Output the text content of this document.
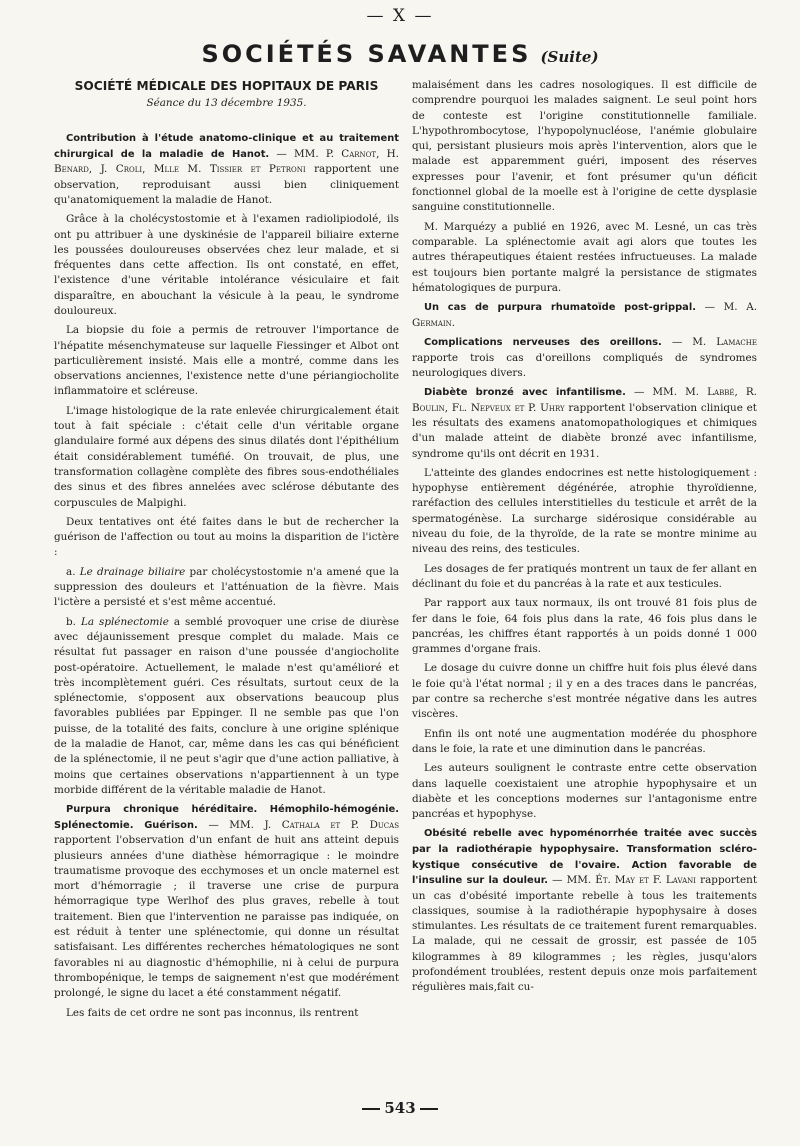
— X —
SOCIÉTÉS SAVANTES (Suite)
SOCIÉTÉ MÉDICALE DES HOPITAUX DE PARIS
Séance du 13 décembre 1935.

Contribution à l'étude anatomo-clinique et au traitement chirurgical de la maladie de Hanot. — MM. P. Carnot, H. Benard, J. Croli, Mlle M. Tissier et Petroni rapportent une observation, reproduisant aussi bien cliniquement qu'anatomiquement la maladie de Hanot.

Grâce à la cholécystostomie et à l'examen radiolipiodolé, ils ont pu attribuer à une dyskinésie de l'appareil biliaire externe les poussées douloureuses observées chez leur malade, et si fréquentes dans cette affection. Ils ont constaté, en effet, l'existence d'une véritable intolérance vésiculaire et fait disparaître, en abouchant la vésicule à la peau, le syndrome douloureux.

La biopsie du foie a permis de retrouver l'importance de l'hépatite mésenchymateuse sur laquelle Fiessinger et Albot ont particulièrement insisté. Mais elle a montré, comme dans les observations anciennes, l'existence nette d'une périangiocholite inflammatoire et scléreuse.

L'image histologique de la rate enlevée chirurgicalement était tout à fait spéciale : c'était celle d'un véritable organe glandulaire formé aux dépens des sinus dilatés dont l'épithélium était considérablement tuméfié. On trouvait, de plus, une transformation collagène complète des fibres sous-endothéliales des sinus et des fibres annelées avec sclérose débutante des corpuscules de Malpighi.

Deux tentatives ont été faites dans le but de rechercher la guérison de l'affection ou tout au moins la disparition de l'ictère :

a. Le drainage biliaire par cholécystostomie n'a amené que la suppression des douleurs et l'atténuation de la fièvre. Mais l'ictère a persisté et s'est même accentué.

b. La splénectomie a semblé provoquer une crise de diurèse avec déjaunissement presque complet du malade. Mais ce résultat fut passager en raison d'une poussée d'angiocholite post-opératoire. Actuellement, le malade n'est qu'amélioré et très incomplètement guéri. Ces résultats, surtout ceux de la splénectomie, s'opposent aux observations beaucoup plus favorables publiées par Eppinger. Il ne semble pas que l'on puisse, de la totalité des faits, conclure à une origine splénique de la maladie de Hanot, car, même dans les cas qui bénéficient de la splénectomie, il ne peut s'agir que d'une action palliative, à moins que certaines observations n'appartiennent à un type morbide différent de la véritable maladie de Hanot.

Purpura chronique héréditaire. Hémophilo-hémogénie. Splénectomie. Guérison. — MM. J. Cathala et P. Ducas rapportent l'observation d'un enfant de huit ans atteint depuis plusieurs années d'une diathèse hémorragique : le moindre traumatisme provoque des ecchymoses et un oncle maternel est mort d'hémorragie ; il traverse une crise de purpura hémorragique type Werlhof des plus graves, rebelle à tout traitement. Bien que l'intervention ne paraisse pas indiquée, on est réduit à tenter une splénectomie, qui donne un résultat satisfaisant. Les différentes recherches hématologiques ne sont favorables ni au diagnostic d'hémophilie, ni à celui de purpura thrombopénique, le temps de saignement n'est que modérément prolongé, le signe du lacet a été constamment négatif.

Les faits de cet ordre ne sont pas inconnus, ils rentrent

malaisément dans les cadres nosologiques. Il est difficile de comprendre pourquoi les malades saignent. Le seul point hors de conteste est l'origine constitutionnelle familiale. L'hypothrombocytose, l'hypopolynucléose, l'anémie globulaire qui, persistant plusieurs mois après l'intervention, alors que le malade est apparemment guéri, imposent des réserves expresses pour l'avenir, et font présumer qu'un déficit fonctionnel global de la moelle est à l'origine de cette dysplasie sanguine constitutionnelle.

M. Marquézy a publié en 1926, avec M. Lesné, un cas très comparable. La splénectomie avait agi alors que toutes les autres thérapeutiques étaient restées infructueuses. La malade est toujours bien portante malgré la persistance de stigmates hématologiques de purpura.

Un cas de purpura rhumatoïde post-grippal. — M. A. Germain.

Complications nerveuses des oreillons. — M. Lamache rapporte trois cas d'oreillons compliqués de syndromes neurologiques divers.

Diabète bronzé avec infantilisme. — MM. M. Labbé, R. Boulin, Fl. Nepveux et P. Uhry rapportent l'observation clinique et les résultats des examens anatomopathologiques et chimiques d'un malade atteint de diabète bronzé avec infantilisme, syndrome qu'ils ont décrit en 1931.

L'atteinte des glandes endocrines est nette histologiquement : hypophyse entièrement dégénérée, atrophie thyroïdienne, raréfaction des cellules interstitielles du testicule et arrêt de la spermatogénèse. La surcharge sidérosique considérable au niveau du foie, de la thyroïde, de la rate se montre minime au niveau des reins, des testicules.

Les dosages de fer pratiqués montrent un taux de fer allant en déclinant du foie et du pancréas à la rate et aux testicules.

Par rapport aux taux normaux, ils ont trouvé 81 fois plus de fer dans le foie, 64 fois plus dans la rate, 46 fois plus dans le pancréas, les chiffres étant rapportés à un poids donné 1 000 grammes d'organe frais.

Le dosage du cuivre donne un chiffre huit fois plus élevé dans le foie qu'à l'état normal ; il y en a des traces dans le pancréas, par contre sa recherche s'est montrée négative dans les autres viscères.

Enfin ils ont noté une augmentation modérée du phosphore dans le foie, la rate et une diminution dans le pancréas.

Les auteurs soulignent le contraste entre cette observation dans laquelle coexistaient une atrophie hypophysaire et un diabète et les conceptions modernes sur l'antagonisme entre pancréas et hypophyse.

Obésité rebelle avec hypoménorrhée traitée avec succès par la radiothérapie hypophysaire. Transformation scléro-kystique consécutive de l'ovaire. Action favorable de l'insuline sur la douleur. — MM. Ét. May et F. Lavani rapportent un cas d'obésité importante rebelle à tous les traitements classiques, soumise à la radiothérapie hypophysaire à doses stimulantes. Les résultats de ce traitement furent remarquables. La malade, qui ne cessait de grossir, est passée de 105 kilogrammes à 89 kilogrammes ; les règles, jusqu'alors profondément troublées, restent depuis onze mois parfaitement régulières mais,fait cu-

543
